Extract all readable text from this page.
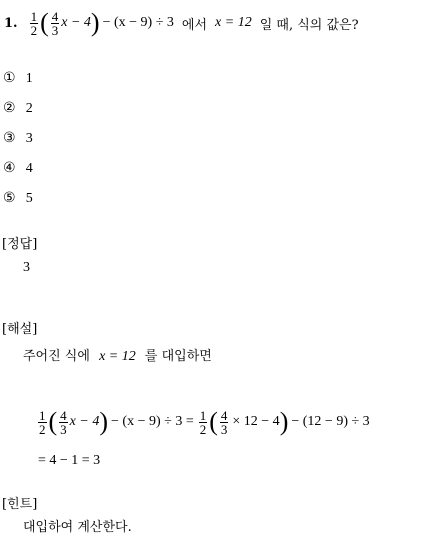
1. $\frac{1}{2}$ ( $\frac{4}{3}$ x − 4 ) − (x − 9) ÷ 3 에서 x = 12 일 때, 식의 값은?
① 1
② 2
③ 3
④ 4
⑤ 5
[정답]
3
[해설]
주어진 식에 x = 12 를 대입하면
$\frac{1}{2}$ ( $\frac{4}{3}$ x − 4 ) − $(x - 9) \div 3 = \frac{1}{2}$ ( $\frac{4}{3} \times 12 - 4$ ) − (12 − 9) ÷ 3
= 4 − 1 = 3
[힌트]
대입하여 계산한다.
